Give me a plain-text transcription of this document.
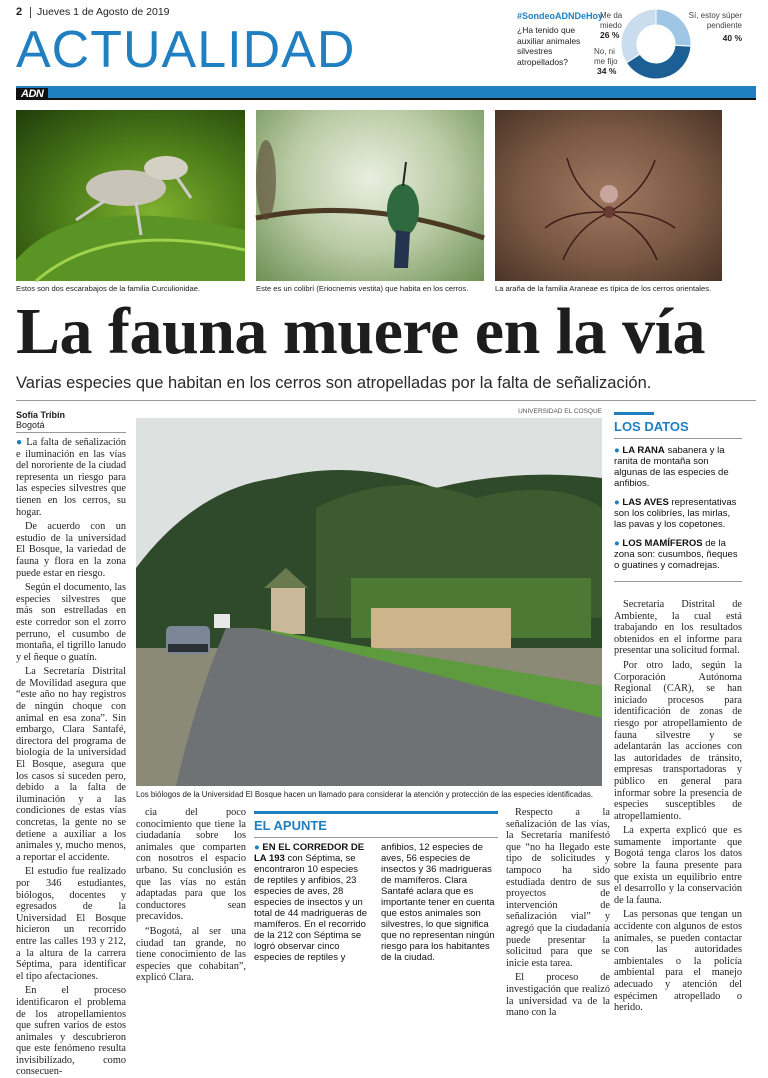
2 Jueves 1 de Agosto de 2019
ACTUALIDAD
ADN
#SondeoADNDeHoy
¿Ha tenido que auxiliar animales silvestres atropellados?
Me da miedo
26 %
No, ni me fijo
34 %
Sí, estoy súper pendiente
40 %
Estos son dos escarabajos de la familia Curculionidae.	Este es un colibrí (Eriocnemis vestita) que habita en los cerros.	La araña de la familia Araneae es típica de los cerros orientales.
La fauna muere en la vía
Varias especies que habitan en los cerros son atropelladas por la falta de señalización.
Sofía Tribín
Bogotá

● La falta de señalización e iluminación en las vías del nororiente de la ciudad representa un riesgo para las especies silvestres que tienen en los cerros, su hogar.

De acuerdo con un estudio de la universidad El Bosque, la variedad de fauna y flora en la zona puede estar en riesgo.

Según el documento, las especies silvestres que más son estrelladas en este corredor son el zorro perruno, el cusumbo de montaña, el tigrillo lanudo y el ñeque o guatín.

La Secretaría Distrital de Movilidad asegura que “este año no hay registros de ningún choque con animal en esa zona”. Sin embargo, Clara Santafé, directora del programa de biología de la universidad El Bosque, asegura que los casos sí suceden pero, debido a la falta de iluminación y a las condiciones de estas vías concretas, la gente no se detiene a auxiliar a los animales y, mucho menos, a reportar el accidente.

El estudio fue realizado por 346 estudiantes, biólogos, docentes y egresados de la Universidad El Bosque hicieron un recorrido entre las calles 193 y 212, a la altura de la carrera Séptima, para identificar el tipo afectaciones.

En el proceso identificaron el problema de los atropellamientos que sufren varios de estos animales y descubrieron que este fenómeno resulta invisibilizado, como consecuen-

UNIVERSIDAD EL COSQUE
Los biólogos de la Universidad El Bosque hacen un llamado para considerar la atención y protección de las especies identificadas.

cia del poco conocimiento que tiene la ciudadanía sobre los animales que comparten con nosotros el espacio urbano. Su conclusión es que las vías no están adaptadas para que los conductores sean precavidos.

“Bogotá, al ser una ciudad tan grande, no tiene conocimiento de las especies que cohabitan”, explicó Clara.

EL APUNTE
● EN EL CORREDOR DE LA 193 con Séptima, se encontraron 10 especies de reptiles y anfibios, 23 especies de aves, 28 especies de insectos y un total de 44 madrigueras de mamíferos. En el recorrido de la 212 con Séptima se logró observar cinco especies de reptiles y
anfibios, 12 especies de aves, 56 especies de insectos y 36 madrigueras de mamíferos. Clara Santafé aclara que es importante tener en cuenta que estos animales son silvestres, lo que significa que no representan ningún riesgo para los habitantes de la ciudad.

Respecto a la señalización de las vías, la Secretaría manifestó que “no ha llegado este tipo de solicitudes y tampoco ha sido estudiada dentro de sus proyectos de intervención de señalización vial” y agregó que la ciudadanía puede presentar la solicitud para que se inicie esta tarea.

El proceso de investigación que realizó la universidad va de la mano con la

LOS DATOS
● LA RANA sabanera y la ranita de montaña son algunas de las especies de anfibios.
● LAS AVES representativas son los colibríes, las mirlas, las pavas y los copetones.
● LOS MAMÍFEROS de la zona son: cusumbos, ñeques o guatines y comadrejas.

Secretaría Distrital de Ambiente, la cual está trabajando en los resultados obtenidos en el informe para presentar una solicitud formal.

Por otro lado, según la Corporación Autónoma Regional (CAR), se han iniciado procesos para identificación de zonas de riesgo por atropellamiento de fauna silvestre y se adelantarán las acciones con las autoridades de tránsito, empresas transportadoras y público en general para informar sobre la presencia de especies susceptibles de atropellamiento.

La experta explicó que es sumamente importante que Bogotá tenga claros los datos sobre la fauna presente para que exista un equilibrio entre el desarrollo y la conservación de la fauna.

Las personas que tengan un accidente con algunos de estos animales, se pueden contactar con las autoridades ambientales o la policía ambiental para el manejo adecuado y atención del espécimen atropellado o herido.
